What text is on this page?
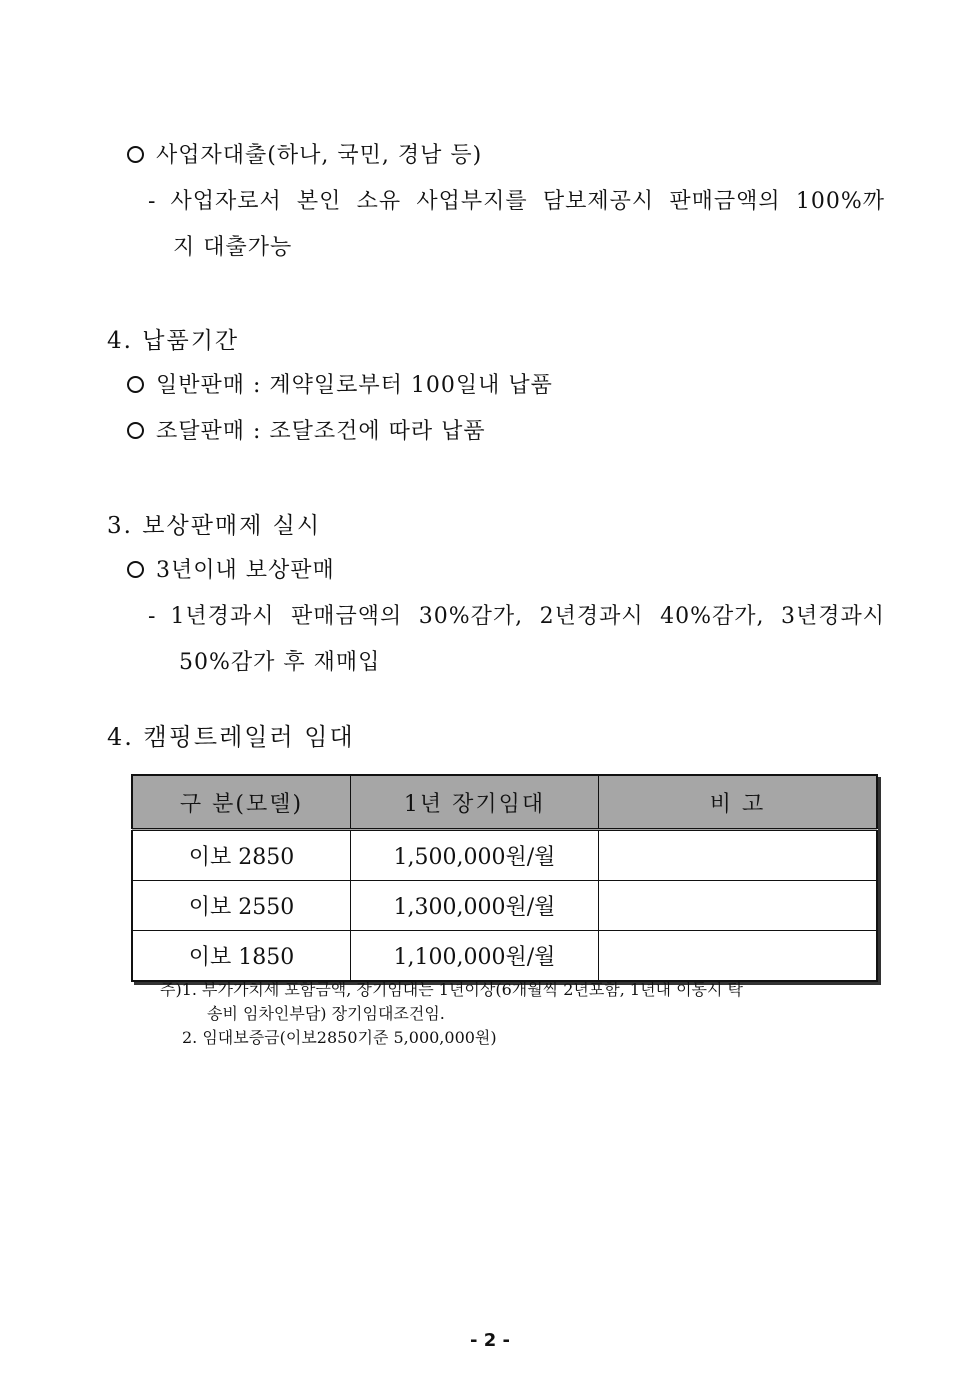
사업자대출(하나, 국민, 경남 등)
- 사업자로서 본인 소유 사업부지를 담보제공시 판매금액의 100%까
지 대출가능
4. 납품기간
일반판매 : 계약일로부터 100일내 납품
조달판매 : 조달조건에 따라 납품
3. 보상판매제 실시
3년이내 보상판매
- 1년경과시 판매금액의 30%감가, 2년경과시 40%감가, 3년경과시
50%감가 후 재매입
4. 캠핑트레일러 임대
구 분(모델)	1년 장기임대	비 고
이보 2850	1,500,000원/월	
이보 2550	1,300,000원/월	
이보 1850	1,100,000원/월	
주)1. 부가가치세 포함금액, 장기임대는 1년이상(6개월씩 2년포함, 1년내 이동시 탁
송비 임차인부담) 장기임대조건임.
2. 임대보증금(이보2850기준 5,000,000원)
- 2 -
